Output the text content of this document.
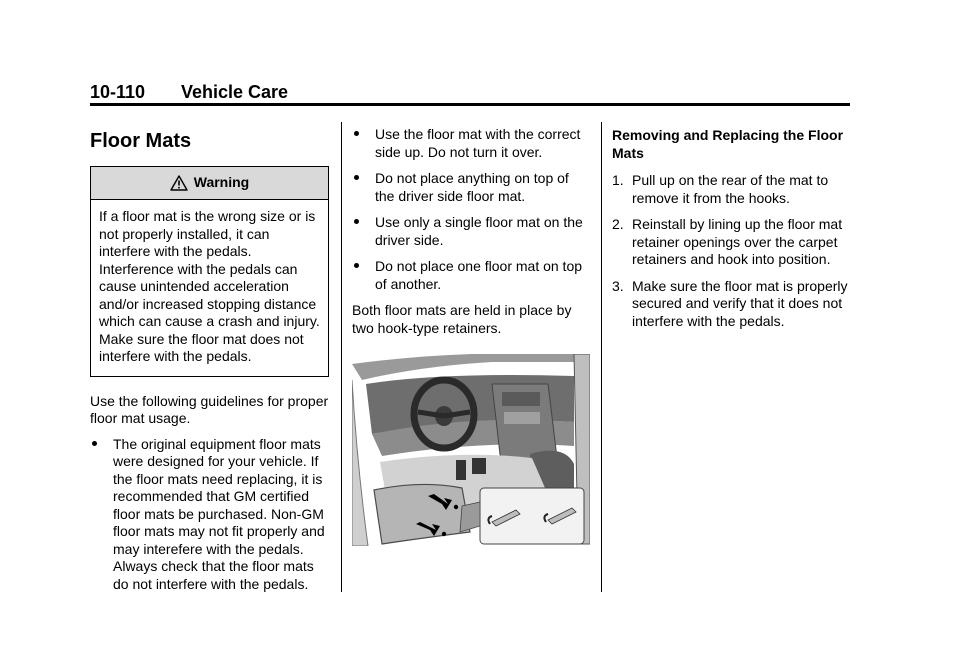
10-110 Vehicle Care
Floor Mats
Warning
If a floor mat is the wrong size or is not properly installed, it can interfere with the pedals. Interference with the pedals can cause unintended acceleration and/or increased stopping distance which can cause a crash and injury. Make sure the floor mat does not interfere with the pedals.

Use the following guidelines for proper floor mat usage.

The original equipment floor mats were designed for your vehicle. If the floor mats need replacing, it is recommended that GM certified floor mats be purchased. Non-GM floor mats may not fit properly and may interefere with the pedals. Always check that the floor mats do not interfere with the pedals.
Use the floor mat with the correct side up. Do not turn it over.
Do not place anything on top of the driver side floor mat.
Use only a single floor mat on the driver side.
Do not place one floor mat on top of another.

Both floor mats are held in place by two hook-type retainers.

Removing and Replacing the Floor Mats

1. Pull up on the rear of the mat to remove it from the hooks.
2. Reinstall by lining up the floor mat retainer openings over the carpet retainers and hook into position.
3. Make sure the floor mat is properly secured and verify that it does not interfere with the pedals.
